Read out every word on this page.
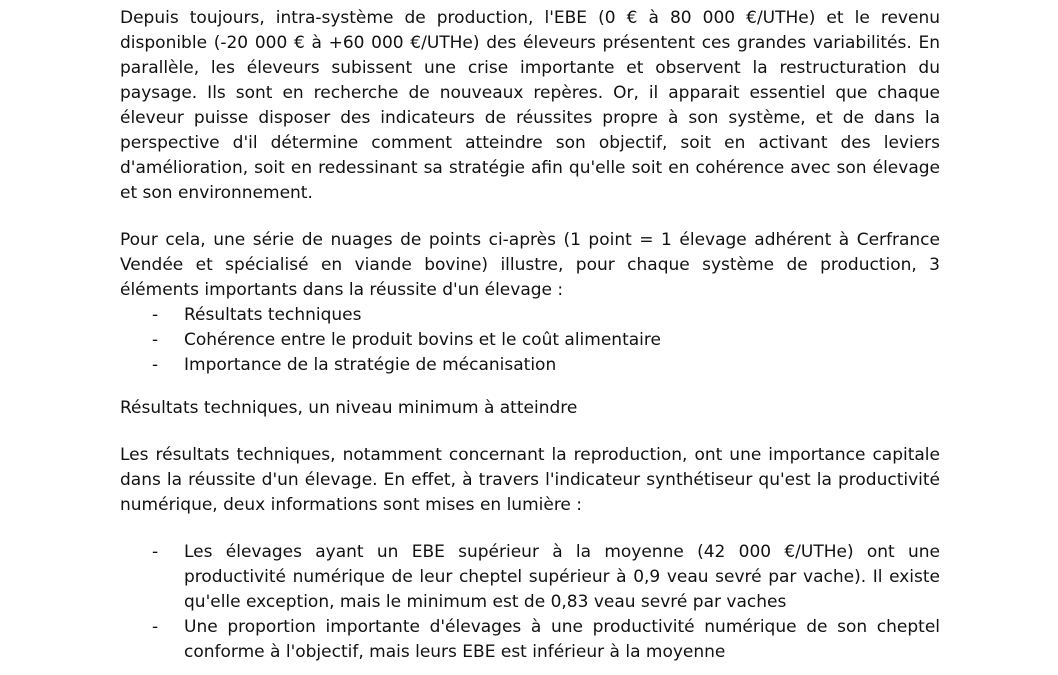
Depuis toujours, intra-système de production, l'EBE (0 € à 80 000 €/UTHe) et le revenu disponible (-20 000 € à +60 000 €/UTHe) des éleveurs présentent ces grandes variabilités. En parallèle, les éleveurs subissent une crise importante et observent la restructuration du paysage. Ils sont en recherche de nouveaux repères. Or, il apparait essentiel que chaque éleveur puisse disposer des indicateurs de réussites propre à son système, et de dans la perspective d'il détermine comment atteindre son objectif, soit en activant des leviers d'amélioration, soit en redessinant sa stratégie afin qu'elle soit en cohérence avec son élevage et son environnement.

Pour cela, une série de nuages de points ci-après (1 point = 1 élevage adhérent à Cerfrance Vendée et spécialisé en viande bovine) illustre, pour chaque système de production, 3 éléments importants dans la réussite d'un élevage :

- Résultats techniques
- Cohérence entre le produit bovins et le coût alimentaire
- Importance de la stratégie de mécanisation
Résultats techniques, un niveau minimum à atteindre

Les résultats techniques, notamment concernant la reproduction, ont une importance capitale dans la réussite d'un élevage. En effet, à travers l'indicateur synthétiseur qu'est la productivité numérique, deux informations sont mises en lumière :

- Les élevages ayant un EBE supérieur à la moyenne (42 000 €/UTHe) ont une productivité numérique de leur cheptel supérieur à 0,9 veau sevré par vache). Il existe qu'elle exception, mais le minimum est de 0,83 veau sevré par vaches
- Une proportion importante d'élevages à une productivité numérique de son cheptel conforme à l'objectif, mais leurs EBE est inférieur à la moyenne
